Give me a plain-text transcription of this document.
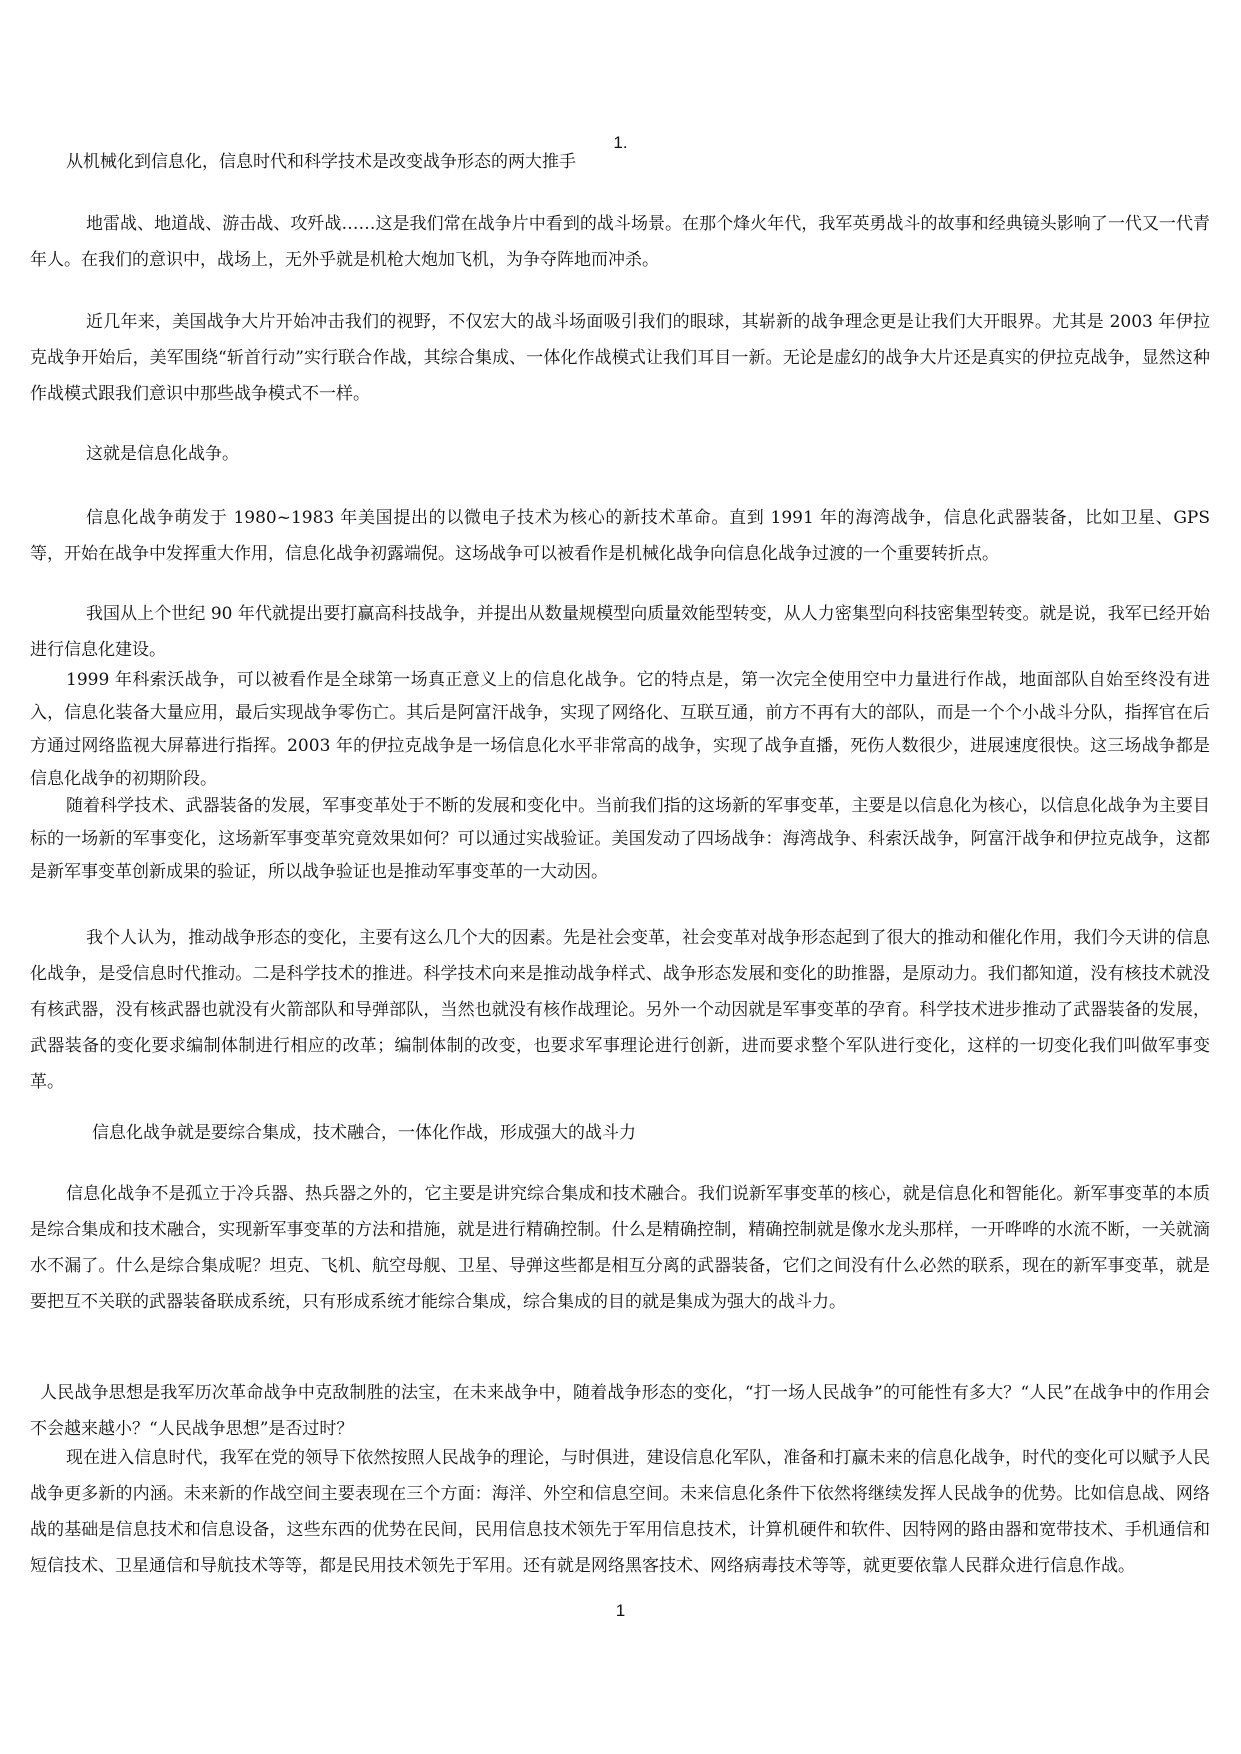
1.

从机械化到信息化，信息时代和科学技术是改变战争形态的两大推手

地雷战、地道战、游击战、攻歼战……这是我们常在战争片中看到的战斗场景。在那个烽火年代，我军英勇战斗的故事和经典镜头影响了一代又一代青年人。在我们的意识中，战场上，无外乎就是机枪大炮加飞机，为争夺阵地而冲杀。

近几年来，美国战争大片开始冲击我们的视野，不仅宏大的战斗场面吸引我们的眼球，其崭新的战争理念更是让我们大开眼界。尤其是 2003 年伊拉克战争开始后，美军围绕“斩首行动”实行联合作战，其综合集成、一体化作战模式让我们耳目一新。无论是虚幻的战争大片还是真实的伊拉克战争，显然这种作战模式跟我们意识中那些战争模式不一样。

这就是信息化战争。

信息化战争萌发于 1980~1983 年美国提出的以微电子技术为核心的新技术革命。直到 1991 年的海湾战争，信息化武器装备，比如卫星、GPS 等，开始在战争中发挥重大作用，信息化战争初露端倪。这场战争可以被看作是机械化战争向信息化战争过渡的一个重要转折点。

我国从上个世纪 90 年代就提出要打赢高科技战争，并提出从数量规模型向质量效能型转变，从人力密集型向科技密集型转变。就是说，我军已经开始进行信息化建设。

1999 年科索沃战争，可以被看作是全球第一场真正意义上的信息化战争。它的特点是，第一次完全使用空中力量进行作战，地面部队自始至终没有进入，信息化装备大量应用，最后实现战争零伤亡。其后是阿富汗战争，实现了网络化、互联互通，前方不再有大的部队，而是一个个小战斗分队，指挥官在后方通过网络监视大屏幕进行指挥。2003 年的伊拉克战争是一场信息化水平非常高的战争，实现了战争直播，死伤人数很少，进展速度很快。这三场战争都是信息化战争的初期阶段。

随着科学技术、武器装备的发展，军事变革处于不断的发展和变化中。当前我们指的这场新的军事变革，主要是以信息化为核心，以信息化战争为主要目标的一场新的军事变化，这场新军事变革究竟效果如何？可以通过实战验证。美国发动了四场战争：海湾战争、科索沃战争，阿富汗战争和伊拉克战争，这都是新军事变革创新成果的验证，所以战争验证也是推动军事变革的一大动因。

我个人认为，推动战争形态的变化，主要有这么几个大的因素。先是社会变革，社会变革对战争形态起到了很大的推动和催化作用，我们今天讲的信息化战争，是受信息时代推动。二是科学技术的推进。科学技术向来是推动战争样式、战争形态发展和变化的助推器，是原动力。我们都知道，没有核技术就没有核武器，没有核武器也就没有火箭部队和导弹部队，当然也就没有核作战理论。另外一个动因就是军事变革的孕育。科学技术进步推动了武器装备的发展，武器装备的变化要求编制体制进行相应的改革；编制体制的改变，也要求军事理论进行创新，进而要求整个军队进行变化，这样的一切变化我们叫做军事变革。

信息化战争就是要综合集成，技术融合，一体化作战，形成强大的战斗力

信息化战争不是孤立于冷兵器、热兵器之外的，它主要是讲究综合集成和技术融合。我们说新军事变革的核心，就是信息化和智能化。新军事变革的本质是综合集成和技术融合，实现新军事变革的方法和措施，就是进行精确控制。什么是精确控制，精确控制就是像水龙头那样，一开哗哗的水流不断，一关就滴水不漏了。什么是综合集成呢？坦克、飞机、航空母舰、卫星、导弹这些都是相互分离的武器装备，它们之间没有什么必然的联系，现在的新军事变革，就是要把互不关联的武器装备联成系统，只有形成系统才能综合集成，综合集成的目的就是集成为强大的战斗力。

人民战争思想是我军历次革命战争中克敌制胜的法宝，在未来战争中，随着战争形态的变化，“打一场人民战争”的可能性有多大？“人民”在战争中的作用会不会越来越小？“人民战争思想”是否过时？

现在进入信息时代，我军在党的领导下依然按照人民战争的理论，与时俱进，建设信息化军队，准备和打赢未来的信息化战争，时代的变化可以赋予人民战争更多新的内涵。未来新的作战空间主要表现在三个方面：海洋、外空和信息空间。未来信息化条件下依然将继续发挥人民战争的优势。比如信息战、网络战的基础是信息技术和信息设备，这些东西的优势在民间，民用信息技术领先于军用信息技术，计算机硬件和软件、因特网的路由器和宽带技术、手机通信和短信技术、卫星通信和导航技术等等，都是民用技术领先于军用。还有就是网络黑客技术、网络病毒技术等等，就更要依靠人民群众进行信息作战。

1
